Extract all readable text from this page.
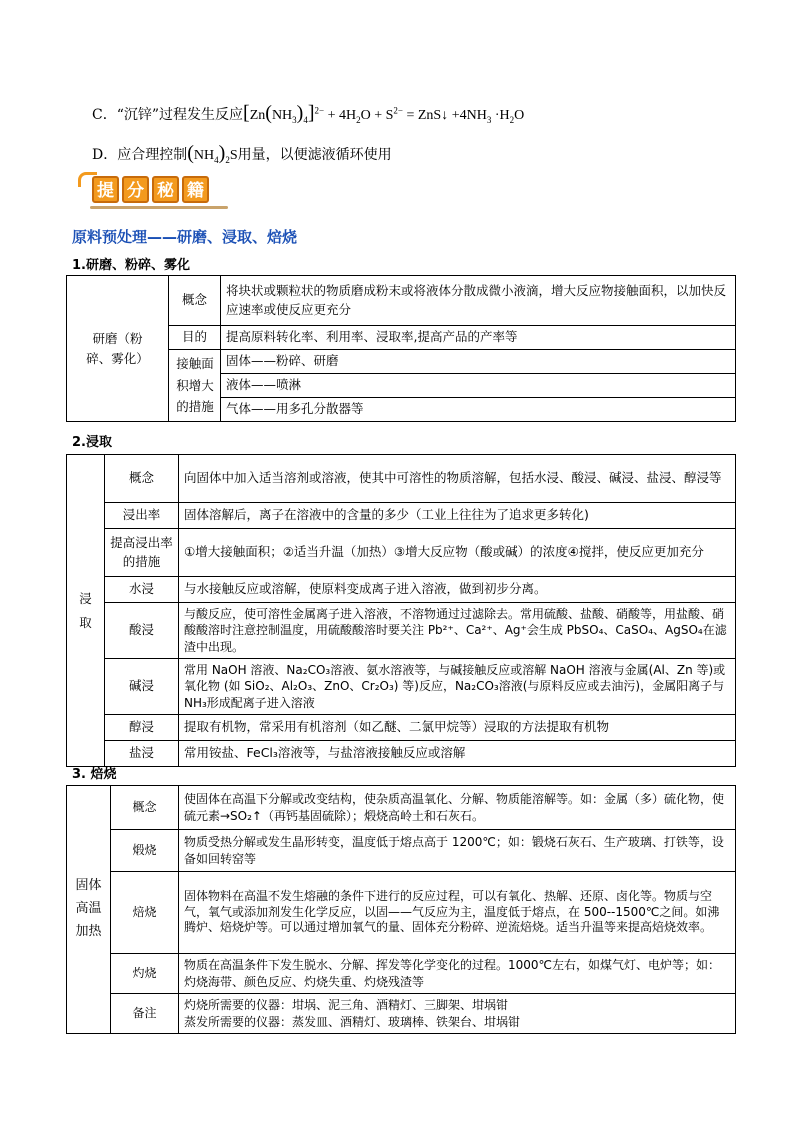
C．“沉锌”过程发生反应$[Zn(NH_3)_4]^{2-} + 4H_2O + S^{2-}$ = ZnS↓ $+4NH_3 \cdot H_2O$
D．应合理控制$(NH_4)_2S$用量，以便滤液循环使用
提 分 秘 籍
原料预处理——研磨、浸取、焙烧
1.研磨、粉碎、雾化
研磨（粉碎、雾化）	概念	将块状或颗粒状的物质磨成粉末或将液体分散成微小液滴，增大反应物接触面积，以加快反应速率或使反应更充分
	目的	提高原料转化率、利用率、浸取率,提高产品的产率等
	接触面积增大的措施	固体——粉碎、研磨
		液体——喷淋
		气体——用多孔分散器等
2.浸取
浸取	概念	向固体中加入适当溶剂或溶液，使其中可溶性的物质溶解，包括水浸、酸浸、碱浸、盐浸、醇浸等
	浸出率	固体溶解后，离子在溶液中的含量的多少（工业上往往为了追求更多转化)
	提高浸出率的措施	①增大接触面积；②适当升温（加热）③增大反应物（酸或碱）的浓度④搅拌，使反应更加充分
	水浸	与水接触反应或溶解，使原料变成离子进入溶液，做到初步分离。
	酸浸	与酸反应，使可溶性金属离子进入溶液，不溶物通过过滤除去。常用硫酸、盐酸、硝酸等，用盐酸、硝酸酸溶时注意控制温度，用硫酸酸溶时要关注 Pb²⁺、Ca²⁺、Ag⁺会生成 PbSO₄、CaSO₄、AgSO₄在滤渣中出现。
	碱浸	常用 NaOH 溶液、Na₂CO₃溶液、氨水溶液等，与碱接触反应或溶解 NaOH 溶液与金属(Al、Zn 等)或氧化物 (如 SiO₂、Al₂O₃、ZnO、Cr₂O₃) 等)反应，Na₂CO₃溶液(与原料反应或去油污)，金属阳离子与 NH₃形成配离子进入溶液
	醇浸	提取有机物，常采用有机溶剂（如乙醚、二氯甲烷等）浸取的方法提取有机物
	盐浸	常用铵盐、FeCl₃溶液等，与盐溶液接触反应或溶解
3. 焙烧
固体高温加热	概念	使固体在高温下分解或改变结构，使杂质高温氧化、分解、物质能溶解等。如：金属（多）硫化物，使硫元素→SO₂↑（再钙基固硫除）；煅烧高岭土和石灰石。
	煅烧	物质受热分解或发生晶形转变，温度低于熔点高于 1200℃；如：锻烧石灰石、生产玻璃、打铁等，设备如回转窑等
	焙烧	固体物料在高温不发生熔融的条件下进行的反应过程，可以有氧化、热解、还原、卤化等。物质与空气，氧气或添加剂发生化学反应，以固——气反应为主，温度低于熔点，在 500--1500℃之间。如沸腾炉、焙烧炉等。可以通过增加氧气的量、固体充分粉碎、逆流焙烧。适当升温等来提高焙烧效率。
	灼烧	物质在高温条件下发生脱水、分解、挥发等化学变化的过程。1000℃左右，如煤气灯、电炉等；如：灼烧海带、颜色反应、灼烧失重、灼烧残渣等
	备注	灼烧所需要的仪器：坩埚、泥三角、酒精灯、三脚架、坩埚钳
蒸发所需要的仪器：蒸发皿、酒精灯、玻璃棒、铁架台、坩埚钳
